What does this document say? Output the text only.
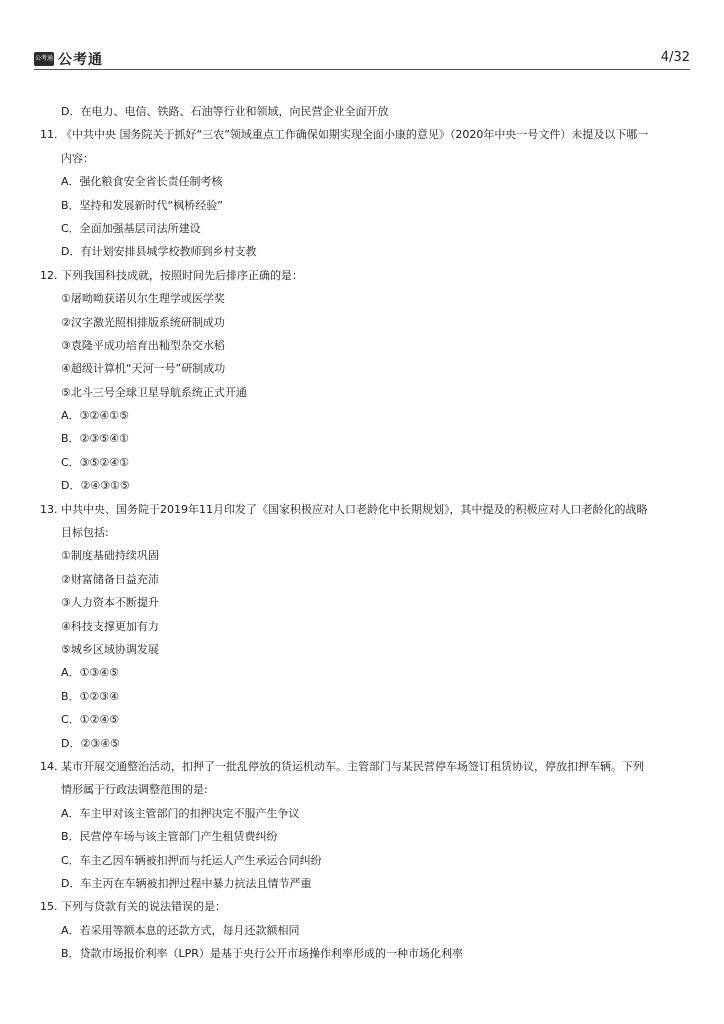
公考通 公考通	4/32
D．在电力、电信、铁路、石油等行业和领域，向民营企业全面开放
11. 《中共中央 国务院关于抓好“三农”领域重点工作确保如期实现全面小康的意见》（2020年中央一号文件）未提及以下哪一
内容：
A．强化粮食安全省长责任制考核
B．坚持和发展新时代“枫桥经验”
C．全面加强基层司法所建设
D．有计划安排县城学校教师到乡村支教
12. 下列我国科技成就，按照时间先后排序正确的是：
①屠呦呦获诺贝尔生理学或医学奖
②汉字激光照相排版系统研制成功
③袁隆平成功培育出籼型杂交水稻
④超级计算机“天河一号”研制成功
⑤北斗三号全球卫星导航系统正式开通
A．③②④①⑤
B．②③⑤④①
C．③⑤②④①
D．②④③①⑤
13. 中共中央、国务院于2019年11月印发了《国家积极应对人口老龄化中长期规划》，其中提及的积极应对人口老龄化的战略
目标包括:
①制度基础持续巩固
②财富储备日益充沛
③人力资本不断提升
④科技支撑更加有力
⑤城乡区域协调发展
A．①③④⑤
B．①②③④
C．①②④⑤
D．②③④⑤
14. 某市开展交通整治活动，扣押了一批乱停放的货运机动车。主管部门与某民营停车场签订租赁协议，停放扣押车辆。下列
情形属于行政法调整范围的是:
A．车主甲对该主管部门的扣押决定不服产生争议
B．民营停车场与该主管部门产生租赁费纠纷
C．车主乙因车辆被扣押而与托运人产生承运合同纠纷
D．车主丙在车辆被扣押过程中暴力抗法且情节严重
15. 下列与贷款有关的说法错误的是：
A．若采用等额本息的还款方式，每月还款额相同
B．贷款市场报价利率（LPR）是基于央行公开市场操作利率形成的一种市场化利率
